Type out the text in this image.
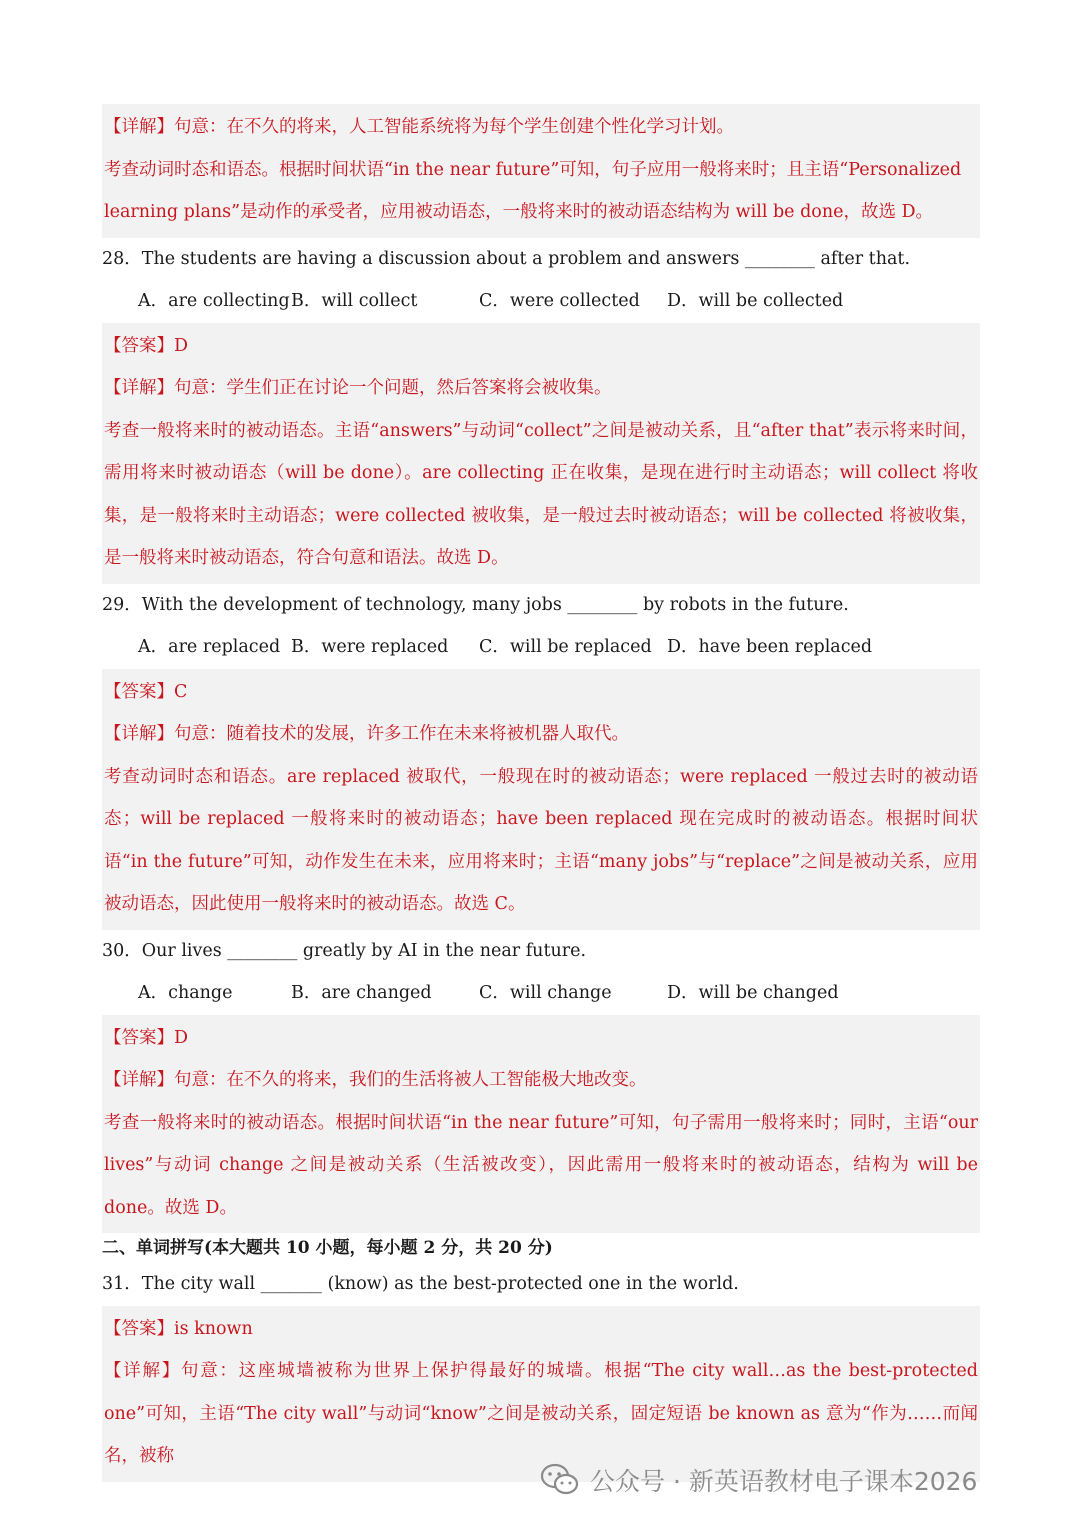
【详解】句意：在不久的将来，人工智能系统将为每个学生创建个性化学习计划。
考查动词时态和语态。根据时间状语“in the near future”可知，句子应用一般将来时；且主语“Personalized
learning plans”是动作的承受者，应用被动语态，一般将来时的被动语态结构为 will be done，故选 D。
28．The students are having a discussion about a problem and answers ________ after that.
A．are collecting B．will collect	C．were collected	D．will be collected
【答案】D
【详解】句意：学生们正在讨论一个问题，然后答案将会被收集。
考查一般将来时的被动语态。主语“answers”与动词“collect”之间是被动关系，且“after that”表示将来时间，需用将来时被动语态（will be done）。are collecting 正在收集，是现在进行时主动语态；will collect 将收集，是一般将来时主动语态；were collected 被收集，是一般过去时被动语态；will be collected 将被收集，是一般将来时被动语态，符合句意和语法。故选 D。
29．With the development of technology, many jobs ________ by robots in the future.
A．are replaced B．were replaced	C．will be replaced D．have been replaced
【答案】C
【详解】句意：随着技术的发展，许多工作在未来将被机器人取代。
考查动词时态和语态。are replaced 被取代，一般现在时的被动语态；were replaced 一般过去时的被动语态；will be replaced 一般将来时的被动语态；have been replaced 现在完成时的被动语态。根据时间状语“in the future”可知，动作发生在未来，应用将来时；主语“many jobs”与“replace”之间是被动关系，应用被动语态，因此使用一般将来时的被动语态。故选 C。
30．Our lives ________ greatly by AI in the near future.
A．change	B．are changed	C．will change	D．will be changed
【答案】D
【详解】句意：在不久的将来，我们的生活将被人工智能极大地改变。
考查一般将来时的被动语态。根据时间状语“in the near future”可知，句子需用一般将来时；同时，主语“our lives”与动词 change 之间是被动关系（生活被改变），因此需用一般将来时的被动语态，结构为 will be done。故选 D。
二、单词拼写(本大题共 10 小题，每小题 2 分，共 20 分)
31．The city wall _______ (know) as the best-protected one in the world.
【答案】is known
【详解】句意：这座城墙被称为世界上保护得最好的城墙。根据“The city wall…as the best-protected one”可知，主语“The city wall”与动词“know”之间是被动关系，固定短语 be known as 意为“作为……而闻名，被称
公众号 · 新英语教材电子课本2026
